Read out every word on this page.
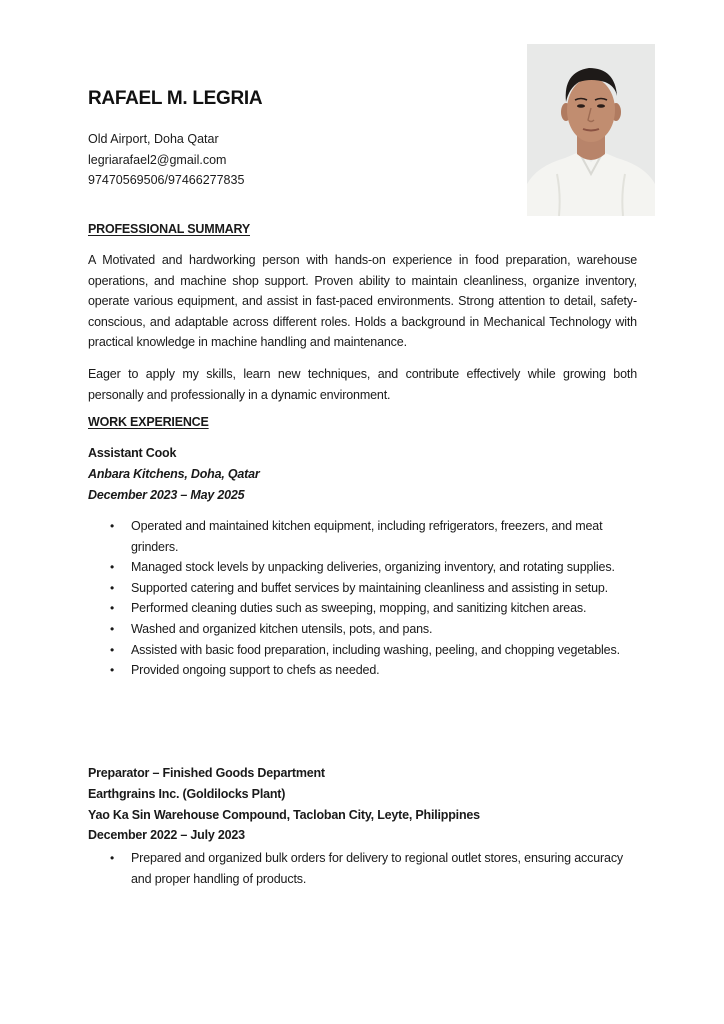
RAFAEL M. LEGRIA
Old Airport, Doha Qatar
legriarafael2@gmail.com
97470569506/97466277835
PROFESSIONAL SUMMARY
A Motivated and hardworking person with hands-on experience in food preparation, warehouse operations, and machine shop support. Proven ability to maintain cleanliness, organize inventory, operate various equipment, and assist in fast-paced environments. Strong attention to detail, safety-conscious, and adaptable across different roles. Holds a background in Mechanical Technology with practical knowledge in machine handling and maintenance.
Eager to apply my skills, learn new techniques, and contribute effectively while growing both personally and professionally in a dynamic environment.
WORK EXPERIENCE
Assistant Cook
Anbara Kitchens, Doha, Qatar
December 2023 – May 2025
• Operated and maintained kitchen equipment, including refrigerators, freezers, and meat grinders.
• Managed stock levels by unpacking deliveries, organizing inventory, and rotating supplies.
• Supported catering and buffet services by maintaining cleanliness and assisting in setup.
• Performed cleaning duties such as sweeping, mopping, and sanitizing kitchen areas.
• Washed and organized kitchen utensils, pots, and pans.
• Assisted with basic food preparation, including washing, peeling, and chopping vegetables.
• Provided ongoing support to chefs as needed.
Preparator – Finished Goods Department
Earthgrains Inc. (Goldilocks Plant)
Yao Ka Sin Warehouse Compound, Tacloban City, Leyte, Philippines
December 2022 – July 2023
• Prepared and organized bulk orders for delivery to regional outlet stores, ensuring accuracy and proper handling of products.
